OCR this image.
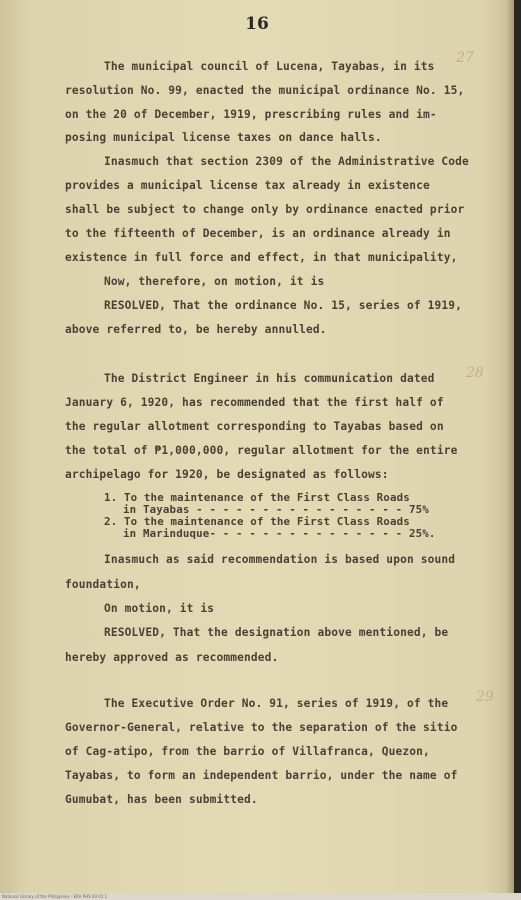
16
27
28
29
The municipal council of Lucena, Tayabas, in its
resolution No. 99, enacted the municipal ordinance No. 15,
on the 20 of December, 1919, prescribing rules and im-
posing municipal license taxes on dance halls.
Inasmuch that section 2309 of the Administrative Code
provides a municipal license tax already in existence
shall be subject to change only by ordinance enacted prior
to the fifteenth of December, is an ordinance already in
existence in full force and effect, in that municipality,
Now, therefore, on motion, it is
RESOLVED, That the ordinance No. 15, series of 1919,
above referred to, be hereby annulled.
The District Engineer in his communication dated
January 6, 1920, has recommended that the first half of
the regular allotment corresponding to Tayabas based on
the total of ₱1,000,000, regular allotment for the entire
archipelago for 1920, be designated as follows:
1. To the maintenance of the First Class Roads
in Tayabas - - - - - - - - - - - - - - - - 75%
2. To the maintenance of the First Class Roads
in Marinduque- - - - - - - - - - - - - - - 25%.
Inasmuch as said recommendation is based upon sound
foundation,
On motion, it is
RESOLVED, That the designation above mentioned, be
hereby approved as recommended.
The Executive Order No. 91, series of 1919, of the
Governor-General, relative to the separation of the sitio
of Cag-atipo, from the barrio of Villafranca, Quezon,
Tayabas, to form an independent barrio, under the name of
Gumubat, has been submitted.
National Library of the Philippines · ERA PHS 00 01 1
